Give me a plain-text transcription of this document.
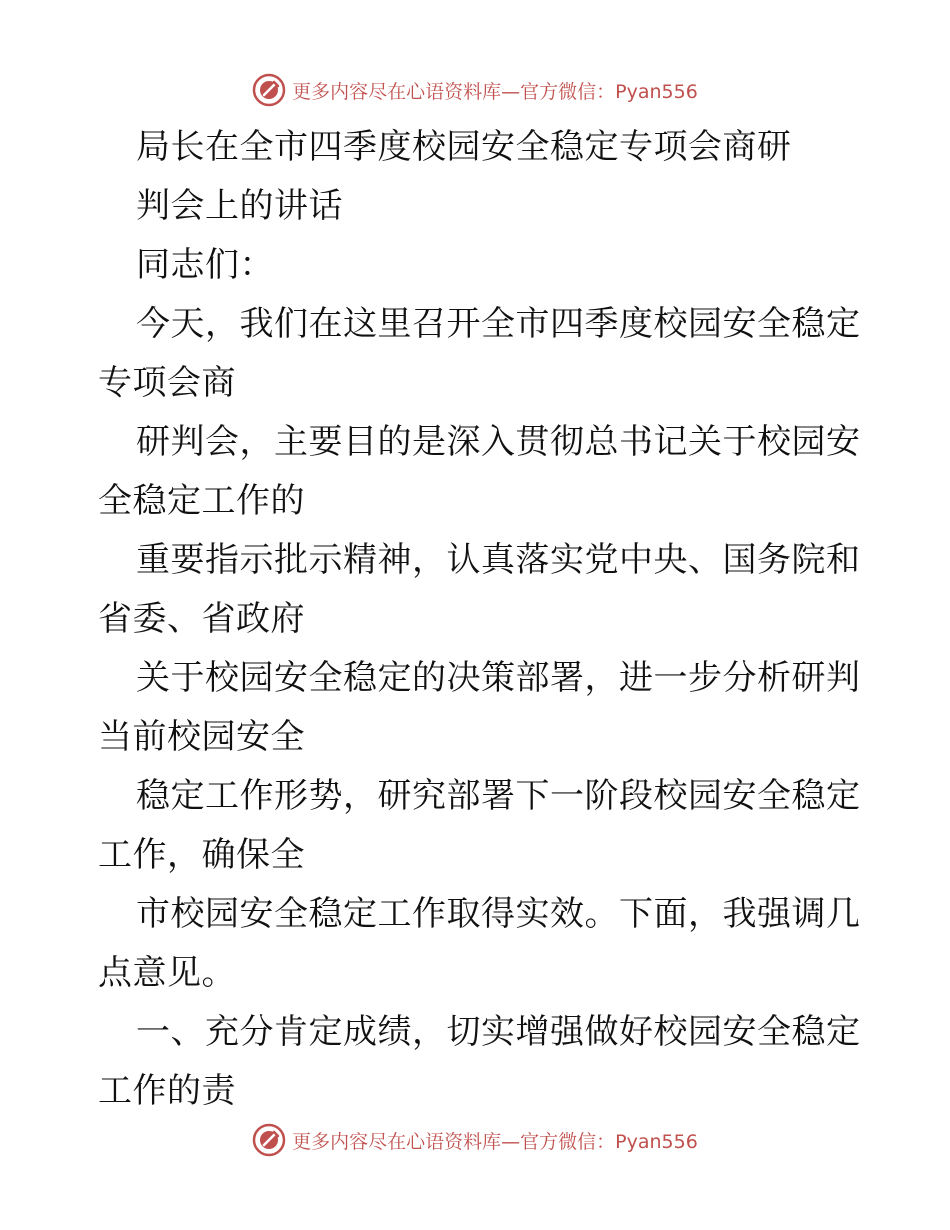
更多内容尽在心语资料库—官方微信：Pyan556
局长在全市四季度校园安全稳定专项会商研
判会上的讲话
同志们：
今天，我们在这里召开全市四季度校园安全稳定
专项会商
研判会，主要目的是深入贯彻总书记关于校园安
全稳定工作的
重要指示批示精神，认真落实党中央、国务院和
省委、省政府
关于校园安全稳定的决策部署，进一步分析研判
当前校园安全
稳定工作形势，研究部署下一阶段校园安全稳定
工作，确保全
市校园安全稳定工作取得实效。下面，我强调几
点意见。
一、充分肯定成绩，切实增强做好校园安全稳定
工作的责
更多内容尽在心语资料库—官方微信：Pyan556
